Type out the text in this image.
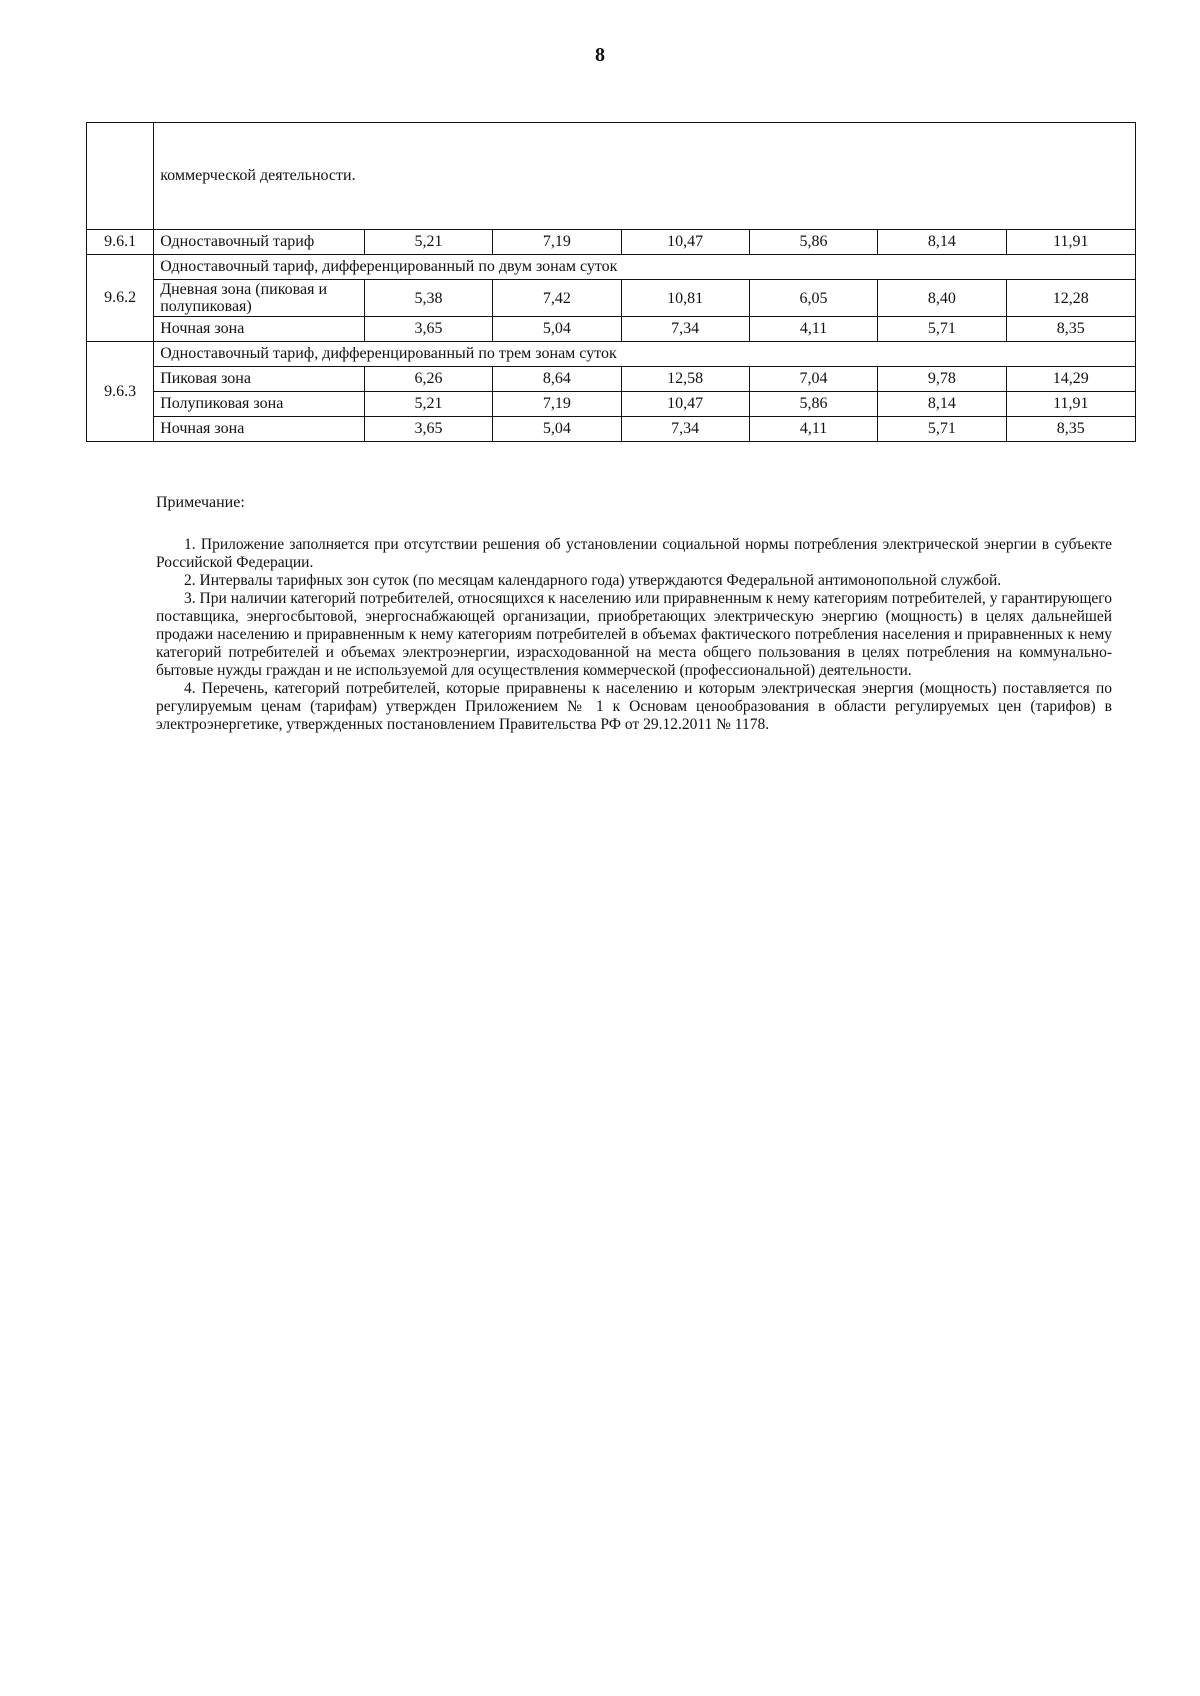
8
	коммерческой деятельности.						
9.6.1	Одноставочный тариф	5,21	7,19	10,47	5,86	8,14	11,91
9.6.2	Одноставочный тариф, дифференцированный по двум зонам суток						
	Дневная зона (пиковая и полупиковая)	5,38	7,42	10,81	6,05	8,40	12,28
	Ночная зона	3,65	5,04	7,34	4,11	5,71	8,35
9.6.3	Одноставочный тариф, дифференцированный по трем зонам суток						
	Пиковая зона	6,26	8,64	12,58	7,04	9,78	14,29
	Полупиковая зона	5,21	7,19	10,47	5,86	8,14	11,91
	Ночная зона	3,65	5,04	7,34	4,11	5,71	8,35
Примечание:

1. Приложение заполняется при отсутствии решения об установлении социальной нормы потребления электрической энергии в субъекте Российской Федерации.

2. Интервалы тарифных зон суток (по месяцам календарного года) утверждаются Федеральной антимонопольной службой.

3. При наличии категорий потребителей, относящихся к населению или приравненным к нему категориям потребителей, у гарантирующего поставщика, энергосбытовой, энергоснабжающей организации, приобретающих электрическую энергию (мощность) в целях дальнейшей продажи населению и приравненным к нему категориям потребителей в объемах фактического потребления населения и приравненных к нему категорий потребителей и объемах электроэнергии, израсходованной на места общего пользования в целях потребления на коммунально-бытовые нужды граждан и не используемой для осуществления коммерческой (профессиональной) деятельности.

4. Перечень, категорий потребителей, которые приравнены к населению и которым электрическая энергия (мощность) поставляется по регулируемым ценам (тарифам) утвержден Приложением № 1 к Основам ценообразования в области регулируемых цен (тарифов) в электроэнергетике, утвержденных постановлением Правительства РФ от 29.12.2011 № 1178.
